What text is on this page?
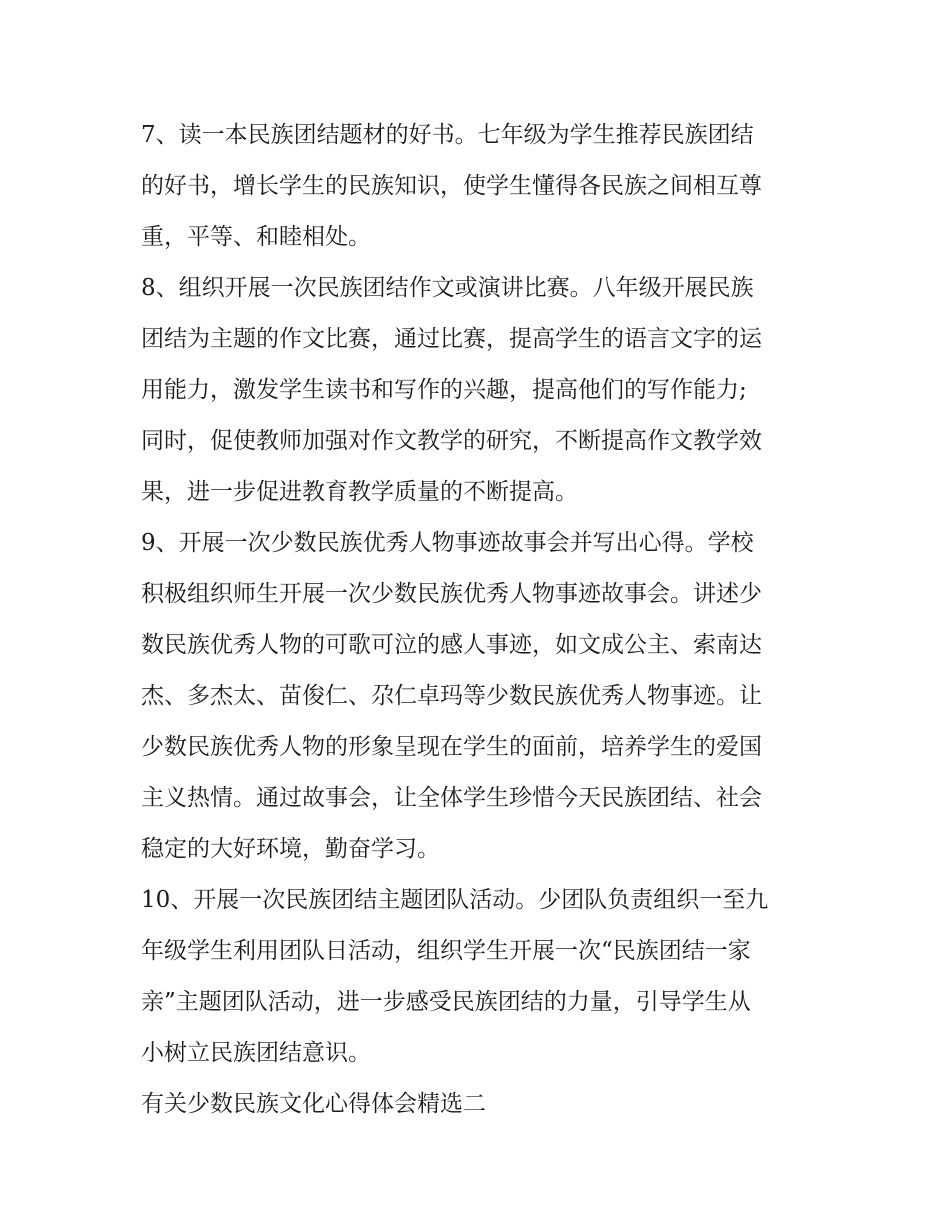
7、读一本民族团结题材的好书。七年级为学生推荐民族团结
的好书，增长学生的民族知识，使学生懂得各民族之间相互尊
重，平等、和睦相处。
8、组织开展一次民族团结作文或演讲比赛。八年级开展民族
团结为主题的作文比赛，通过比赛，提高学生的语言文字的运
用能力，激发学生读书和写作的兴趣，提高他们的写作能力;
同时，促使教师加强对作文教学的研究，不断提高作文教学效
果，进一步促进教育教学质量的不断提高。
9、开展一次少数民族优秀人物事迹故事会并写出心得。学校
积极组织师生开展一次少数民族优秀人物事迹故事会。讲述少
数民族优秀人物的可歌可泣的感人事迹，如文成公主、索南达
杰、多杰太、苗俊仁、尕仁卓玛等少数民族优秀人物事迹。让
少数民族优秀人物的形象呈现在学生的面前，培养学生的爱国
主义热情。通过故事会，让全体学生珍惜今天民族团结、社会
稳定的大好环境，勤奋学习。
10、开展一次民族团结主题团队活动。少团队负责组织一至九
年级学生利用团队日活动，组织学生开展一次“民族团结一家
亲”主题团队活动，进一步感受民族团结的力量，引导学生从
小树立民族团结意识。
有关少数民族文化心得体会精选二
